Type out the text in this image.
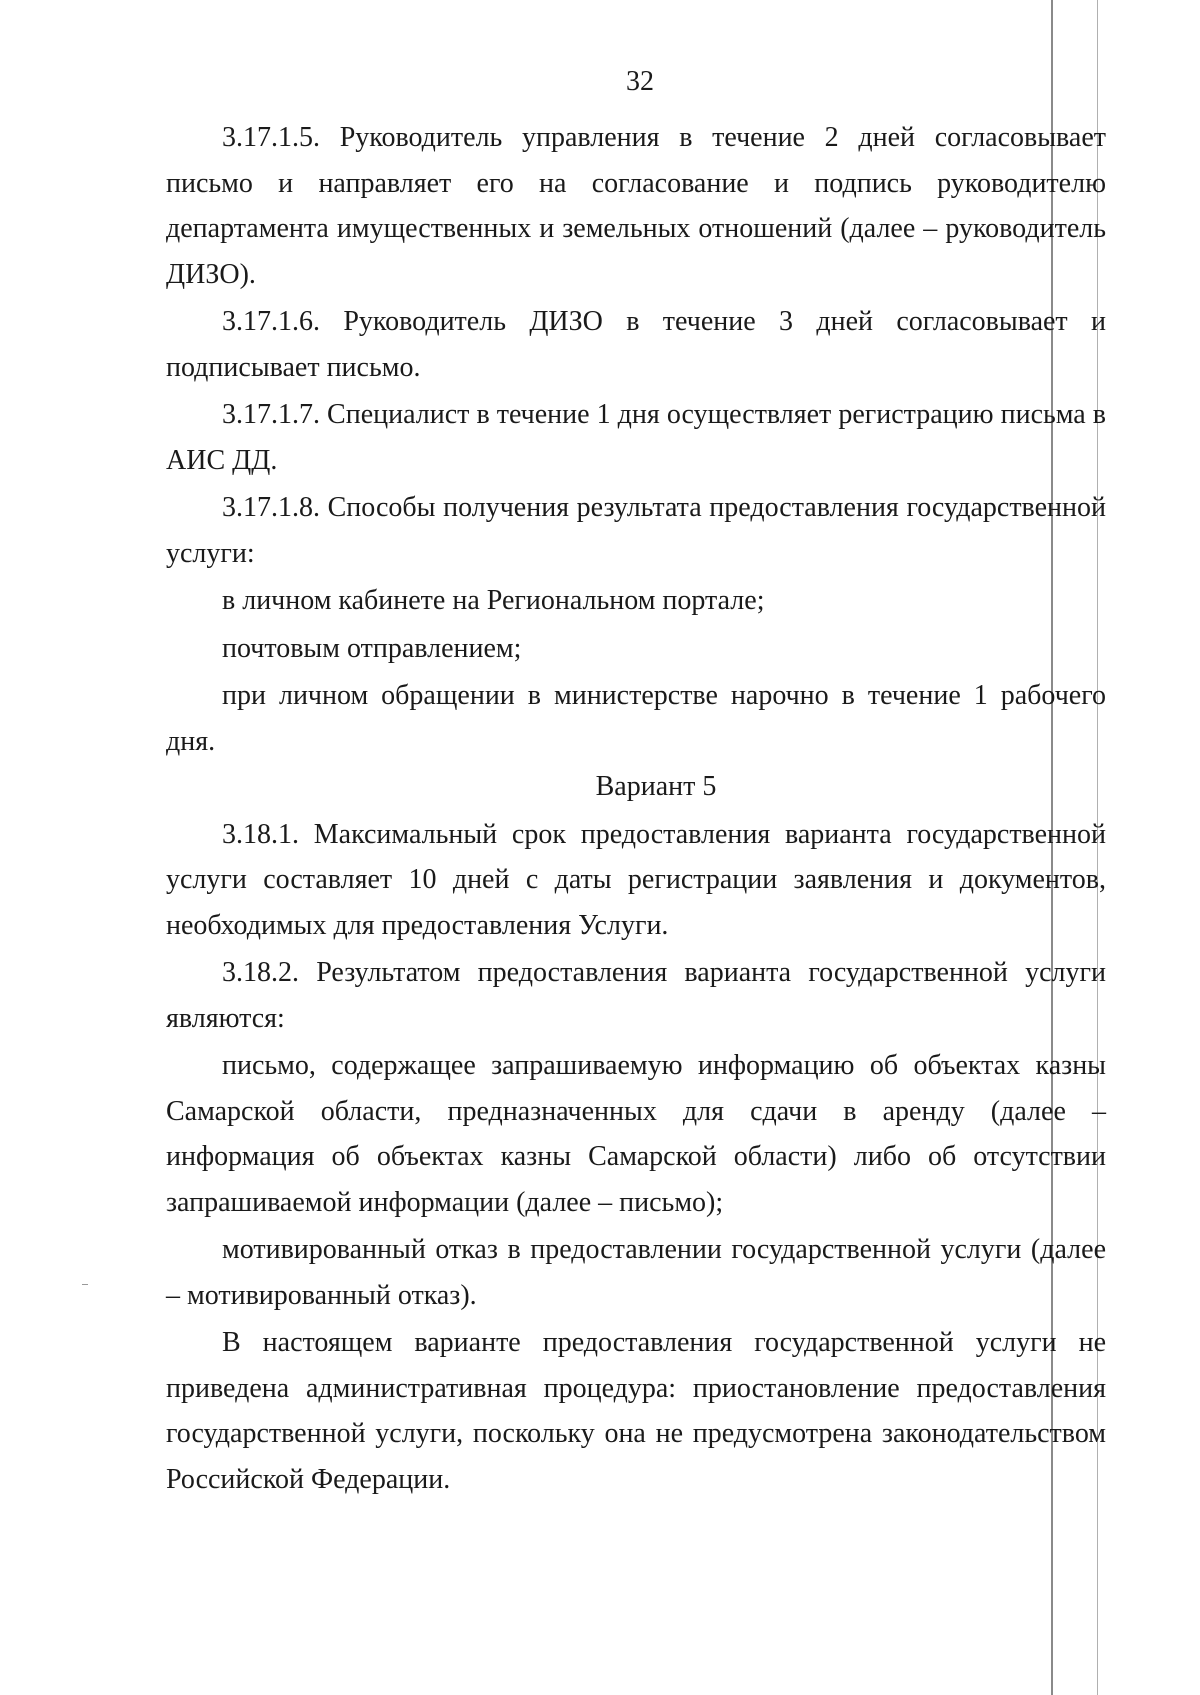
32

3.17.1.5. Руководитель управления в течение 2 дней согласовывает письмо и направляет его на согласование и подпись руководителю департамента имущественных и земельных отношений (далее – руководитель ДИЗО).

3.17.1.6. Руководитель ДИЗО в течение 3 дней согласовывает и подписывает письмо.

3.17.1.7. Специалист в течение 1 дня осуществляет регистрацию письма в АИС ДД.

3.17.1.8. Способы получения результата предоставления государственной услуги:

в личном кабинете на Региональном портале;

почтовым отправлением;

при личном обращении в министерстве нарочно в течение 1 рабочего дня.

Вариант 5

3.18.1. Максимальный срок предоставления варианта государственной услуги составляет 10 дней с даты регистрации заявления и документов, необходимых для предоставления Услуги.

3.18.2. Результатом предоставления варианта государственной услуги являются:

письмо, содержащее запрашиваемую информацию об объектах казны Самарской области, предназначенных для сдачи в аренду (далее – информация об объектах казны Самарской области) либо об отсутствии запрашиваемой информации (далее – письмо);

мотивированный отказ в предоставлении государственной услуги (далее – мотивированный отказ).

В настоящем варианте предоставления государственной услуги не приведена административная процедура: приостановление предоставления государственной услуги, поскольку она не предусмотрена законодательством Российской Федерации.
